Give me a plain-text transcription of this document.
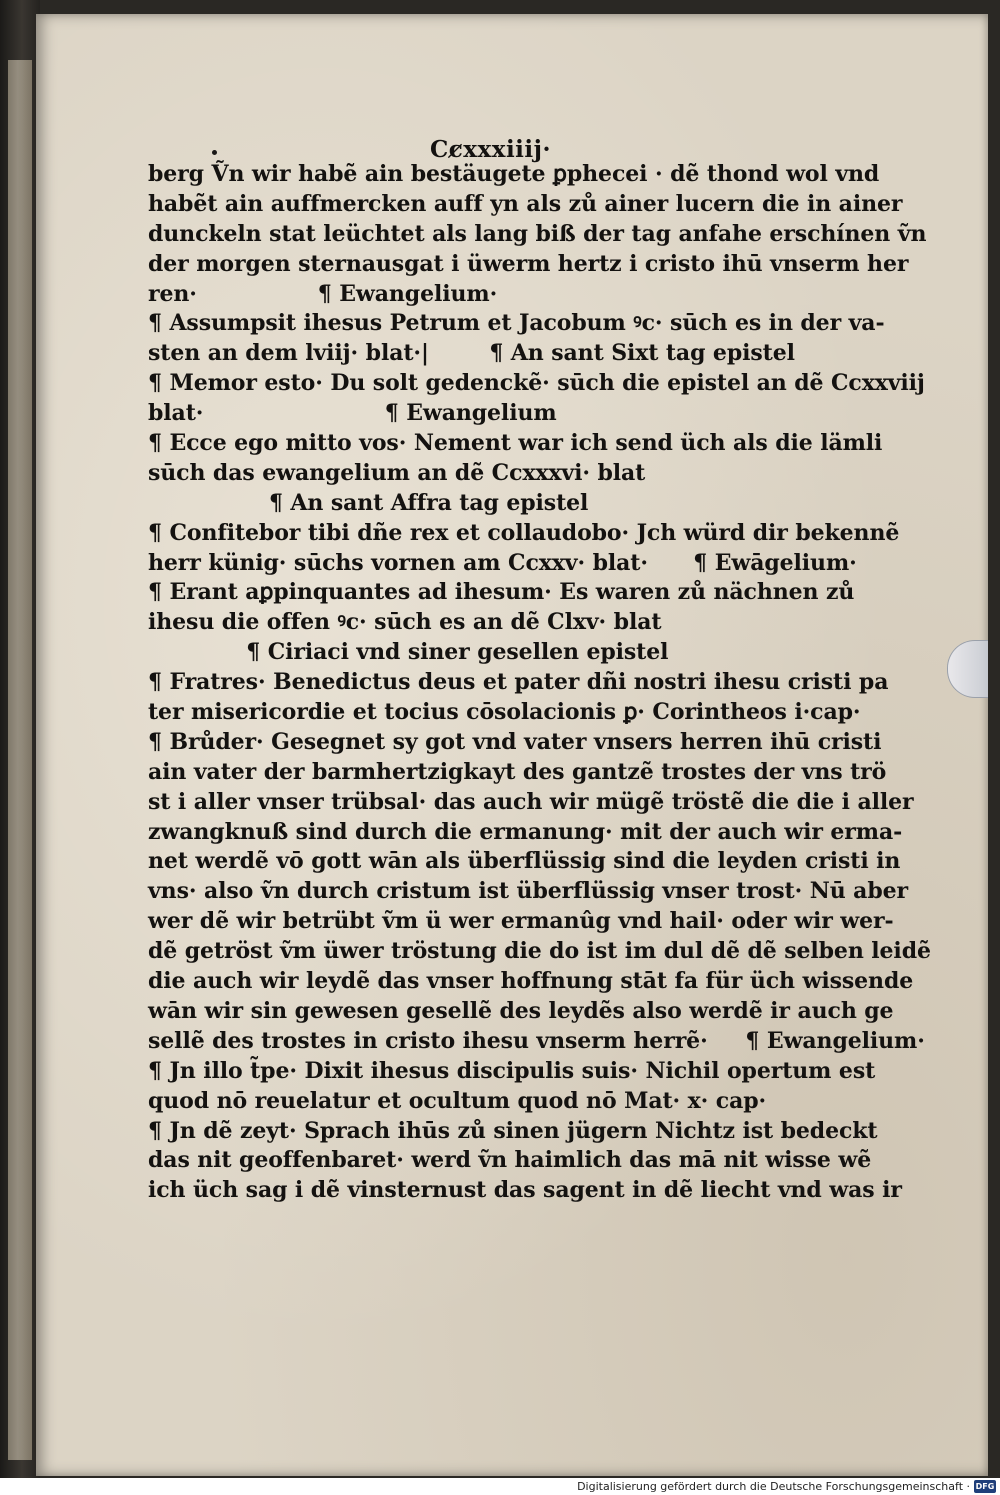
Cc̷xxxiiij·
berg Ṽn wir habẽ ain bestäugete ꝑphecei · dẽ thond wol vnd
habẽt ain auffmercken auff yn als zů ainer lucern die in ainer
dunckeln stat leüchtet als lang biß der tag anfahe erschínen ṽn
der morgen sternausgat i üwerm hertz i cristo ihū vnserm her
ren·                ¶ Ewangelium·
¶ Assumpsit ihesus Petrum et Jacobum ꝰc· sūch es in der va-
sten an dem lviij· blat·|        ¶ An sant Sixt tag epistel
¶ Memor esto· Du solt gedenckẽ· sūch die epistel an dẽ Ccxxviij
blat·                        ¶ Ewangelium
¶ Ecce ego mitto vos· Nement war ich send üch als die lämli
sūch das ewangelium an dẽ Ccxxxvi· blat
¶ An sant Affra tag epistel
¶ Confitebor tibi dñe rex et collaudobo· Jch würd dir bekennẽ
herr künig· sūchs vornen am Ccxxv· blat·      ¶ Ewāgelium·
¶ Erant aꝑpinquantes ad ihesum· Es waren zů nächnen zů
ihesu die offen ꝰc· sūch es an dẽ Clxv· blat
¶ Ciriaci vnd siner gesellen epistel
¶ Fratres· Benedictus deus et pater dñi nostri ihesu cristi pa
ter misericordie et tocius cōsolacionis ꝑ· Corintheos i·cap·
¶ Brůder· Gesegnet sy got vnd vater vnsers herren ihū cristi
ain vater der barmhertzigkayt des gantzẽ trostes der vns trö
st i aller vnser trübsal· das auch wir mügẽ tröstẽ die die i aller
zwangknuß sind durch die ermanung· mit der auch wir erma-
net werdẽ vō gott wān als überflüssig sind die leyden cristi in
vns· also ṽn durch cristum ist überflüssig vnser trost· Nū aber
wer dẽ wir betrübt ṽm ü wer ermanûg vnd hail· oder wir wer-
dẽ getröst ṽm üwer tröstung die do ist im dul dẽ dẽ selben leidẽ
die auch wir leydẽ das vnser hoffnung stāt fa für üch wissende
wān wir sin gewesen gesellẽ des leydẽs also werdẽ ir auch ge
sellẽ des trostes in cristo ihesu vnserm herrẽ·     ¶ Ewangelium·
¶ Jn illo t̃pe· Dixit ihesus discipulis suis· Nichil opertum est
quod nō reuelatur et ocultum quod nō Mat· x· cap·
¶ Jn dẽ zeyt· Sprach ihūs zů sinen jügern Nichtz ist bedeckt
das nit geoffenbaret· werd ṽn haimlich das mā nit wisse wẽ
ich üch sag i dẽ vinsternust das sagent in dẽ liecht vnd was ir
Digitalisierung gefördert durch die Deutsche Forschungsgemeinschaft · DFG
